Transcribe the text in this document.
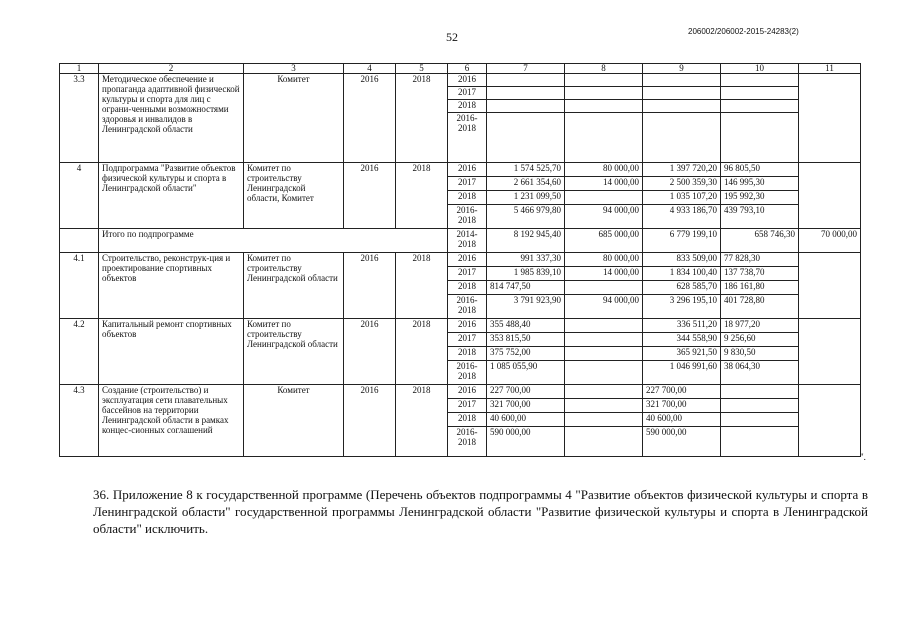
52	206002/206002-2015-24283(2)
1	2	3	4	5	6	7	8	9	10	11
3.3	Методическое обеспечение и пропаганда адаптивной физической культуры и спорта для лиц с ограни-ченными возможностями здоровья и инвалидов в Ленинградской области	Комитет	2016	2018	2016					
					2017					
					2018					
					2016-2018					
4	Подпрограмма "Развитие объектов физической культуры и спорта в Ленинградской области"	Комитет по строительству Ленинградской области, Комитет	2016	2018	2016	1 574 525,70	80 000,00	1 397 720,20	96 805,50	
					2017	2 661 354,60	14 000,00	2 500 359,30	146 995,30	
					2018	1 231 099,50		1 035 107,20	195 992,30	
					2016-2018	5 466 979,80	94 000,00	4 933 186,70	439 793,10	
	Итого по подпрограмме				2014-2018	8 192 945,40	685 000,00	6 779 199,10	658 746,30	70 000,00
4.1	Строительство, реконструк-ция и проектирование спортивных объектов	Комитет по строительству Ленинградской области	2016	2018	2016	991 337,30	80 000,00	833 509,00	77 828,30	
					2017	1 985 839,10	14 000,00	1 834 100,40	137 738,70	
					2018	814 747,50		628 585,70	186 161,80	
					2016-2018	3 791 923,90	94 000,00	3 296 195,10	401 728,80	
4.2	Капитальный ремонт спортивных объектов	Комитет по строительству Ленинградской области	2016	2018	2016	355 488,40		336 511,20	18 977,20	
					2017	353 815,50		344 558,90	9 256,60	
					2018	375 752,00		365 921,50	9 830,50	
					2016-2018	1 085 055,90		1 046 991,60	38 064,30	
4.3	Создание (строительство) и эксплуатация сети плавательных бассейнов на территории Ленинградской области в рамках концес-сионных соглашений	Комитет	2016	2018	2016	227 700,00		227 700,00		
					2017	321 700,00		321 700,00		
					2018	40 600,00		40 600,00		
					2016-2018	590 000,00		590 000,00		
".
36. Приложение 8 к государственной программе (Перечень объектов подпрограммы 4 "Развитие объектов физической культуры и спорта в Ленинградской области" государственной программы Ленинградской области "Развитие физической культуры и спорта в Ленинградской области" исключить.
